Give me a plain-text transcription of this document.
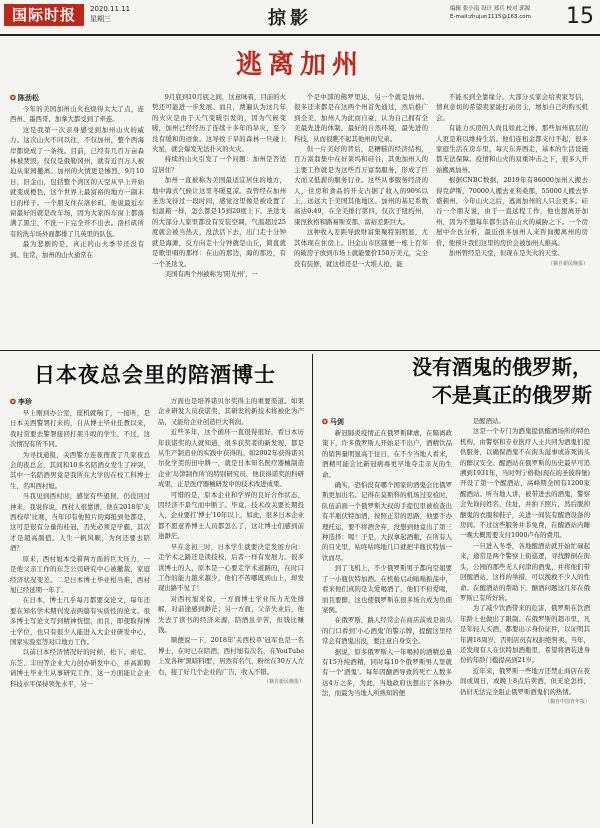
国际时报	2020.11.11
星期三	掠影	编辑 张小南 设计 郑兵 校对 郭源
E-mail:zhujun1115@163.com	15
逃离加州

✪ 陈劲松

今年的美国加州山火也烧得太大了点，连西州、墨西哥、加拿大都受到了牵连。

这是我第一次亲身感受到加州山火的威力。这次山火不同以往，不仅加州，整个西海岸都烧成了一条线。目前，已经有几百万亩森林被焚毁，仅仅是俄勒冈州，就有近百万人被迫从家园撤离。加州的火情更是惨烈，9月10日，旧金山，包括整个湾区的天空从早上开始就变成橙色，这个世界上最富裕的地方一副末日的样子。一个朋友住在洛杉矶，他说最近车窗最好的就是改车场，因为大家的车窗上都落满了黑尘，不洗一下完全开不出去。洛杉矶所有的洗车场外面都排了几英里的队伍。

最为悲剧的是，真正的山火季节还没有到。往常，加州的山火通常在

9月底到10月底之间，这意味着，目前的火势还可能进一步发展。而且，费遍认为这几年的火灾是由于天气变暖引发的，因为气候变暖，加州已经经历了连续十多年的旱灾，至今没有缓和的迹象。这导致干旱的森林一旦碰上火星，就会爆发无法扑灭的火灾。

持续的山火引发了一个问题：加州是否适宜居住？

加州一直被称为美国最适宜居住的地方，地中海式气候让这里冬暖夏凉。我曾经在加州圣迭戈待过一段时间，感觉这里像是被设置了恒温箱一样，怎么都是15到20度上下。圣迭戈的大部分人家里都没有安装空调，气温超过25度就会被当热天，没法活下去，出门走十分钟就是海滩，反方向走十分钟就是山丘，简直就是歌里唱的那样：在山的那边，海的那边，有一个圣迭戈。

美国有两个州被称为'阳光州'，一

个是中部的佛罗里达，另一个就是加州。很多还来都是在这两个州首先通过，然后推广到全美，加州人为此而自豪，认为自己拥有全美最先进的体制，最好的自然环境，最先进的科技，从而很瞧不起其他州的兄弟。

但一片美好的背后，是糟糕的经济结构，百万富翁集中在好莱坞和硅谷，其他加州人的主要工作就是为这些百万富翁服务，形成了巨大而又低薪的服务行业。这些从事服务经济的人，住房和食品的开支占据了收入的90%以上，远远大于美国其他地区。加州的基尼系数高达0.49，在全美排行第四，仅次于纽约州，康涅狄格和路易斯安那，富裕差距巨大。

这种收入差距导致财富集聚特别明显，尤其体现在住房上。旧金山市区随便一栋上百年的破房子放到市场上就能要价150万美元，完全没有装修，就这样还是一大堆人抢，能

不能买到全靠缘分。大部分买家会给卖家写信，情真意切的希望卖家能打动房主，增加自己的购买机会。

有能力买房的人尚且如此之惨，那些加州底层的人更是难以维持生活。他们连租金都支付不起，很多家庭生活在房车里，每天东奔西走，基本的生活设施都无法保障。疫情和山火的双重冲击之下，很多人开始搬离加州。

根据CNBC数据，2019年有86000加州人搬去得克萨斯，70000人搬去亚利桑那，55000人搬去华盛顿州，今年山火之后，逃离加州的人只会更多。硅谷一个朋友说，由于一直远程工作，他也想离开加州，因为不想每年都生活在山火的威胁之下。一个房屋中介也分析，最近很多加州人来咨询搬离州的房价，他预计我们这里的房价会被加州人推高。

加州曾经是天堂，但现在是失火的天堂。

（摘自新民晚报）

日本夜总会里的陪酒博士

✪ 李珍

早上刚到办公室，座机就响了，一接听，是日本关西警署打来的，自从博士毕业任教以来，我时常要去警署接回打架斗殴的学生，不过，这次情况有所不同。

为寻找通报，关西警方连夜搜查了几家夜总会的夜总会，其间和10多名陪酒女发生了冲突，其中一名陪酒男竟是我所在大学的在校工科博士生，名叫西村旭。

当我见到西村时，感觉有些狼狈，仍没回过神来，我说你说，西村人很靠谱，他在2018年'关西校草'比赛，当年印有他照片的海报到处都是，这可是很有分量的桂冠，否先必须是学霸，其次才是超高颜值。人生一帆风顺，为何还要去陪酒？

原来，西村旭本受着两方面的巨大压力，一是他父亲工作的东芝公司研究中心被撤裁，家庭经济状况变差。二是日本博士毕业相当难，西村旭已经延期一年了。

在日本，博士几乎每月都要交论文，每年还要在知名学术期刊发表两篇有实质性的论文。很多博士写论文写到精神恍惚，而且，即使取得博士学位，也只有很少人能进入大企业研发中心，国家实验室等对口地方工作。

以前日本经济情况好的时候，松下、索尼、东芝、丰田等企业大力创办研发中心，并高薪聘请博士毕业生从事研究工作，这一方面能让企业科技水平保持领先水平，另一

方面也是培养诺贝尔奖得主的重要渠道。如果企业研发人员获诺奖，其研发的新技术将被化为产品，又能给企业创造巨大利润。

近些多年，这个循环一直很得很好，看日本历年获诺奖的人就知道，很多获奖者的新发现，都是从生产制造业的实践中获得的。如2002年获得诺贝尔化学奖的田中耕一，就是日本知名医疗器械制造企业'岛津制作所'的特别研究员，他获得诺奖的科研成果，正是医疗器械研发中的技术改进成果。

可惜的是，原本企业和学界的良好合作状态，因经济不景气而中断了。毕竟，技术改关要长期投入，企业要扛'博士'10年以上，如此，很多日本企业都不愿意养博士人员都怎么了，这让博士们感到前途渺茫。

早在念初三时，日本学生就要决定发展方向：走学术之路还是读技校，后者一样有发展力。很多读博士的人，原本是一心要走学术道路的，在时口工作的能力越来越少，他们不苦哪既到山上，却发现出路不见了！

对西村旭来说，一方面博士学业压力无处排解，对前途感到渺茫；另一方面，父亲失业后，他失去了读书的经济来源，陪酒虽辛苦，但钱比赚钱。

顺便说一下，2018年'关西校草'冠军也是一名博士，在时已在陪酒，西村旭有次名，在YouTube上发各种'黑暗料理'，居然有名气，粉丝在30万人左右，接了好几个企业的广告，收入不错。

（摘自新民晚报）

没有酒鬼的俄罗斯，
不是真正的俄罗斯

✪ 马剑

新冠肺炎疫情正在俄罗斯肆虐，在隔离政策下，许多俄罗斯人开始足不出户，酒精饮品的销售量明显高于往日，在不少当地人看来，酒精可能会比新冠病毒更早地夺走亲友的生命。

确实，恐怕没有哪个国家的酒鬼会比俄罗斯更加出名。记得在莫斯科的机场过安检时，队伍前面一个俄罗斯大叔的手提包里被检查出有半瓶伏特加酒，按照正常的思路，他要不办理托运，要不将酒舍弃，没想到他竟出了第三种选择：喝！于是，大叔拿起酒瓶，在所有人的目光里，咕咚咕咚地几口就把半瓶伏特加一饮而尽。

到了飞机上，不少俄罗斯男子都向空姐要了一小瓶伏特加酒。在机舱启动嗡嗡振荡中，看来他们真的是太爱喝酒了，他们不但爱喝，而且要醉，这也使俄罗斯在很多场合成为负面案例。

在俄罗斯，路人经常会在商店前或是街头的门口看到'小心酒鬼'的警示牌，提醒这里经常会有酒鬼出没，要注意自身安全。

据说，原多俄罗斯人一年喝掉的酒精总量有15升纯酒精，同时每10个俄罗斯男人里就有一个'酒鬼'。每年因酗酒导致的死亡人数多达4万之多，为此，当地政府也想出了各种办法，而最为当地人所熟知的便

是醒酒站。

这是一个专门为酒鬼提供醒酒场所的特色机构，由警察和专业医疗人士共同为酒鬼们提供服务，以确保酒鬼不在街头滋事或冻死街头的醉汉安全。醒酒站在俄罗斯的历史最早可追溯到1931年，当时列宁格勒(现在的圣彼得堡)开设了第一个醒酒站，高峰期全国有1200家醒酒站。听当地人讲，被带进去的酒鬼，警察会先询问姓名，住址，并拍下照片，然后脱掉酗鬼的衣服和鞋子，关进一间装有醒酒设备的房间。不过这些服务并非免费，在醒酒站内睡一晚大概需要支付1000卢布的费用。

一旦进入冬季，各地醒酒站就开始忙碌起来，通常是两个警察上街巡逻，寻找醉倒在街头，公园的那些无人问津的酒鬼，并将他们带回醒酒站，这样的举措，可以挽救不少人的性命。在醒酒站的帮助下，酗酒问题这几年在俄罗斯已有所好转。

为了减少饮酒带来的危害，俄罗斯在饮酒年龄上也做出了限制。在俄罗斯的超市里，凡是年轻人买酒，都要出示身份证件，以证明其年满18周岁，否则店员有权拒绝售卖。当年，还发现有人在伏特加酒瓶里，希望将酒装进身份的年龄门槛提高到21岁。

近年来，俄罗斯一些地方还禁止商店在夜间或周日，或晚上8点后卖酒，但无论怎样，仍旧无法完全阻止俄罗斯酒鬼们的热情。

（摘自中国青年报）
